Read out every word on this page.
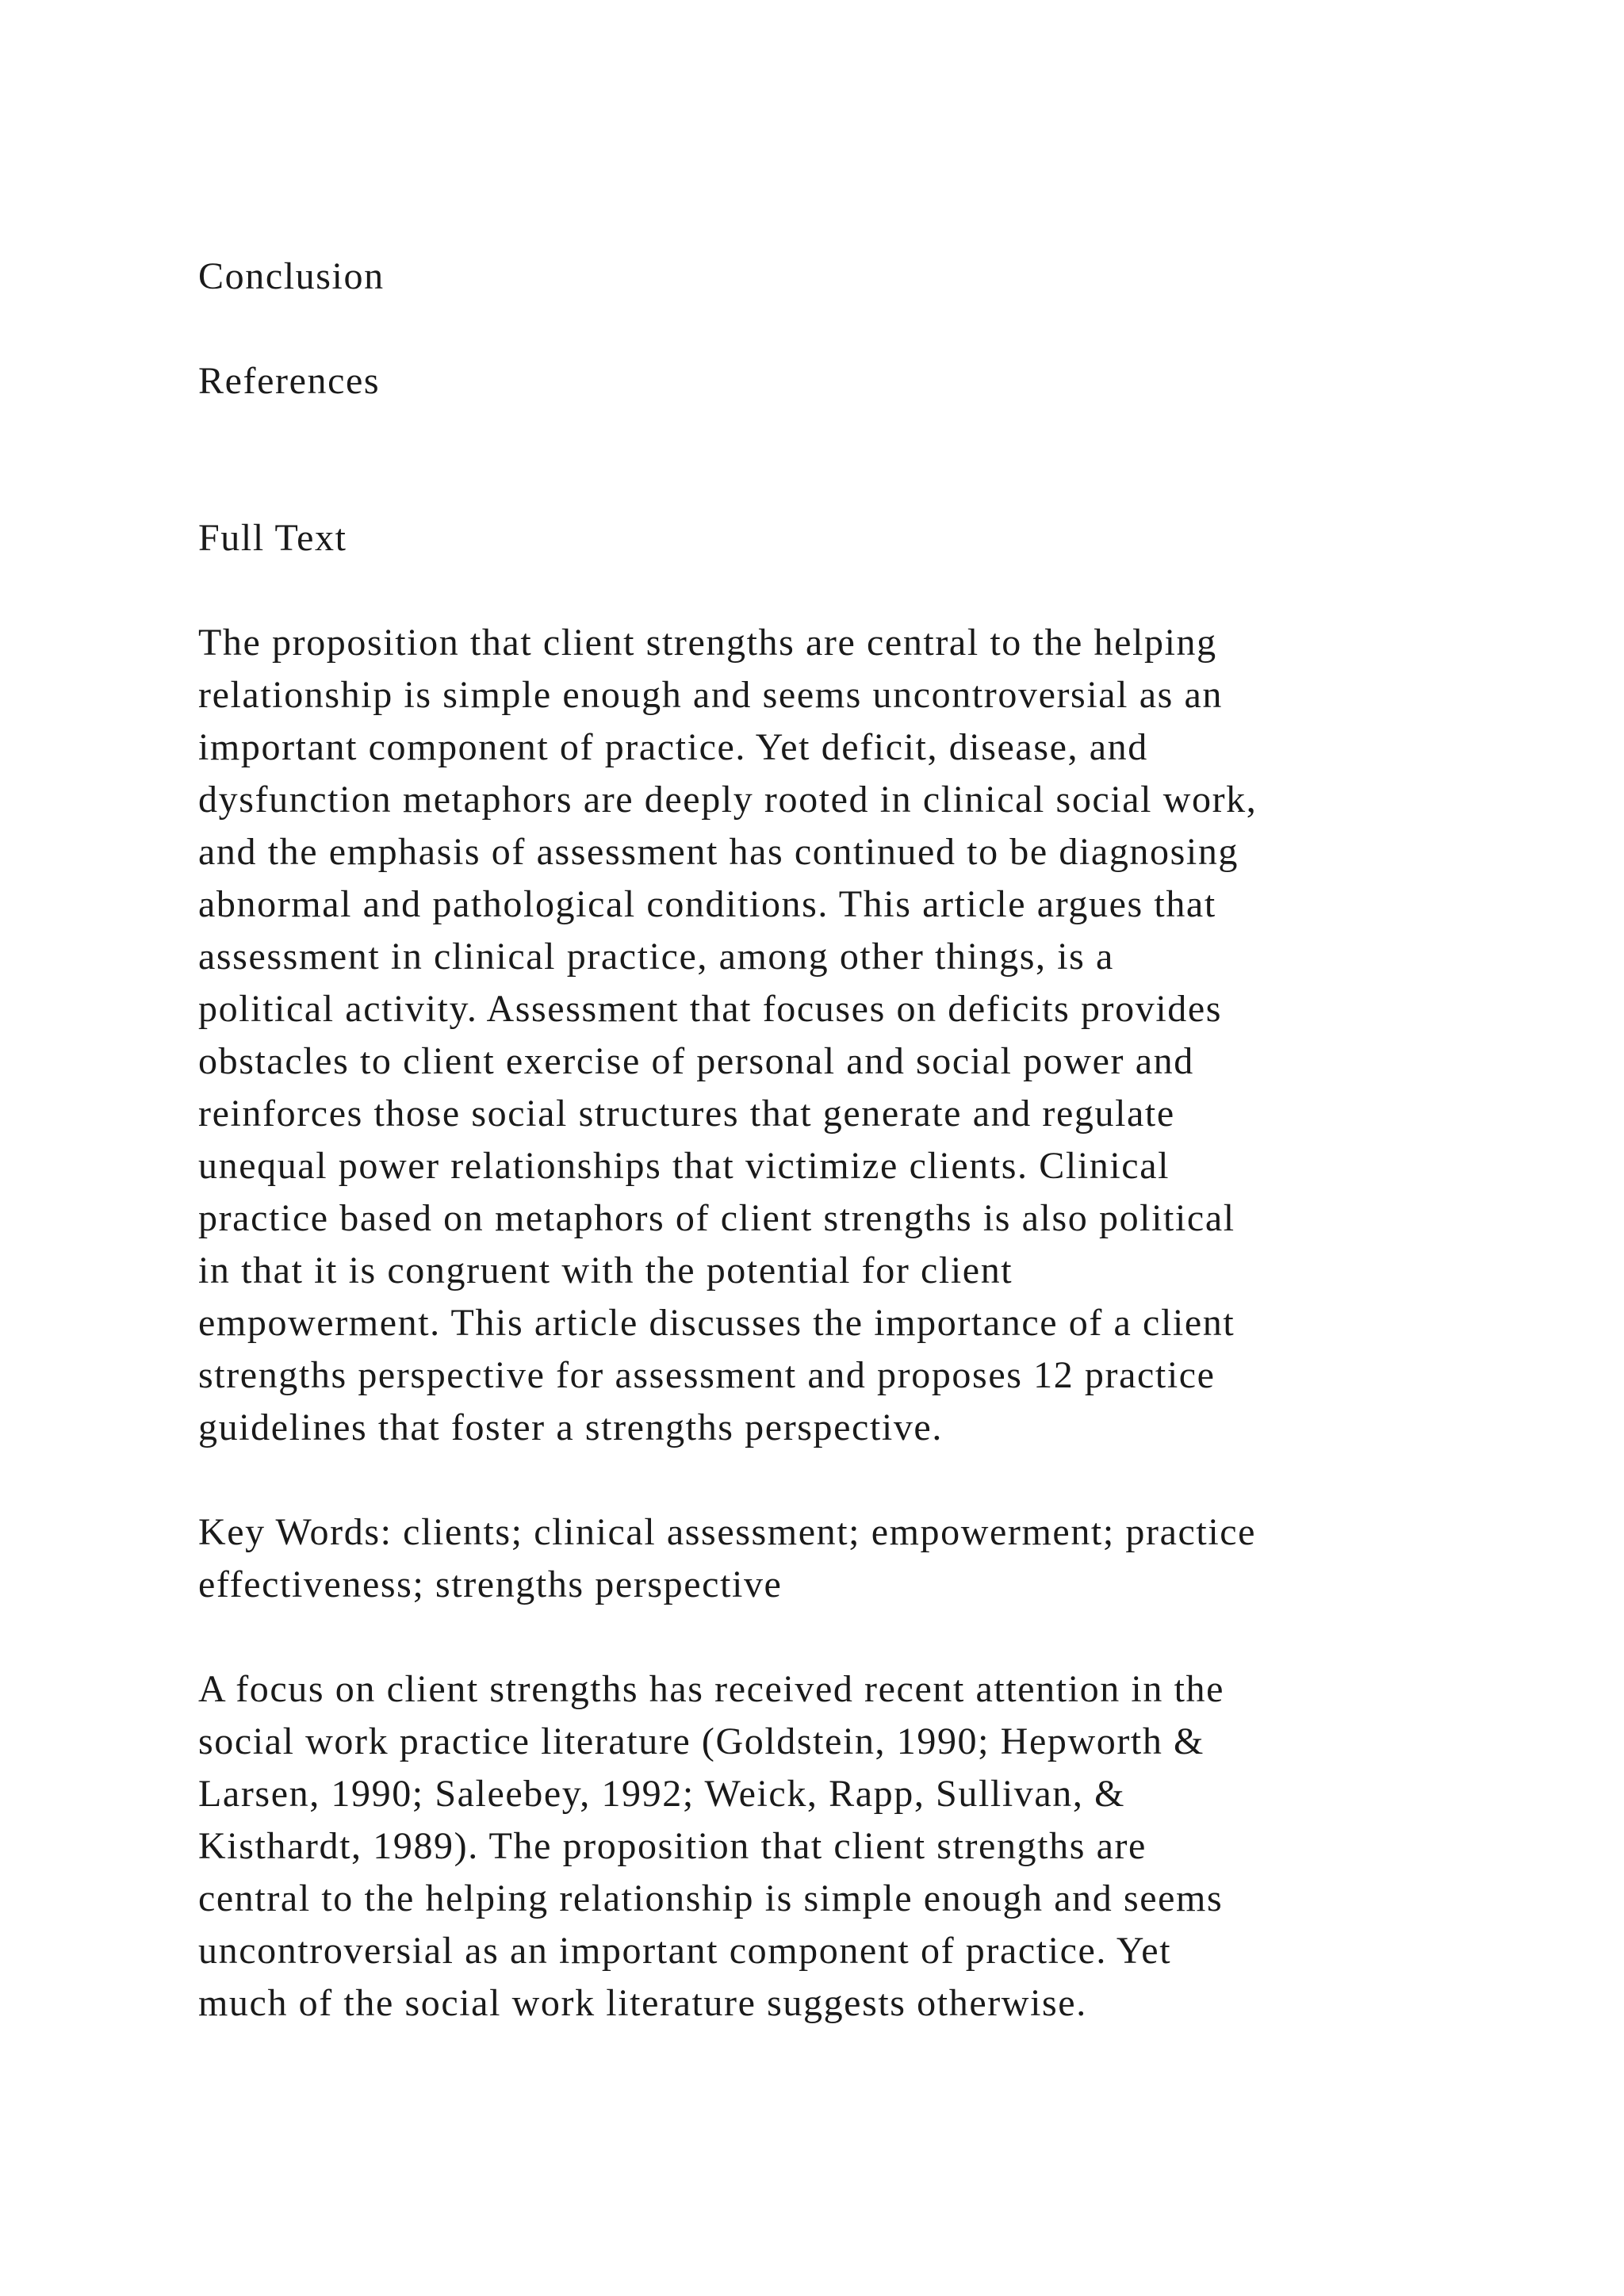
Conclusion
References
Full Text

The proposition that client strengths are central to the helping
relationship is simple enough and seems uncontroversial as an
important component of practice. Yet deficit, disease, and
dysfunction metaphors are deeply rooted in clinical social work,
and the emphasis of assessment has continued to be diagnosing
abnormal and pathological conditions. This article argues that
assessment in clinical practice, among other things, is a
political activity. Assessment that focuses on deficits provides
obstacles to client exercise of personal and social power and
reinforces those social structures that generate and regulate
unequal power relationships that victimize clients. Clinical
practice based on metaphors of client strengths is also political
in that it is congruent with the potential for client
empowerment. This article discusses the importance of a client
strengths perspective for assessment and proposes 12 practice
guidelines that foster a strengths perspective.

Key Words: clients; clinical assessment; empowerment; practice
effectiveness; strengths perspective

A focus on client strengths has received recent attention in the
social work practice literature (Goldstein, 1990; Hepworth &
Larsen, 1990; Saleebey, 1992; Weick, Rapp, Sullivan, &
Kisthardt, 1989). The proposition that client strengths are
central to the helping relationship is simple enough and seems
uncontroversial as an important component of practice. Yet
much of the social work literature suggests otherwise.
